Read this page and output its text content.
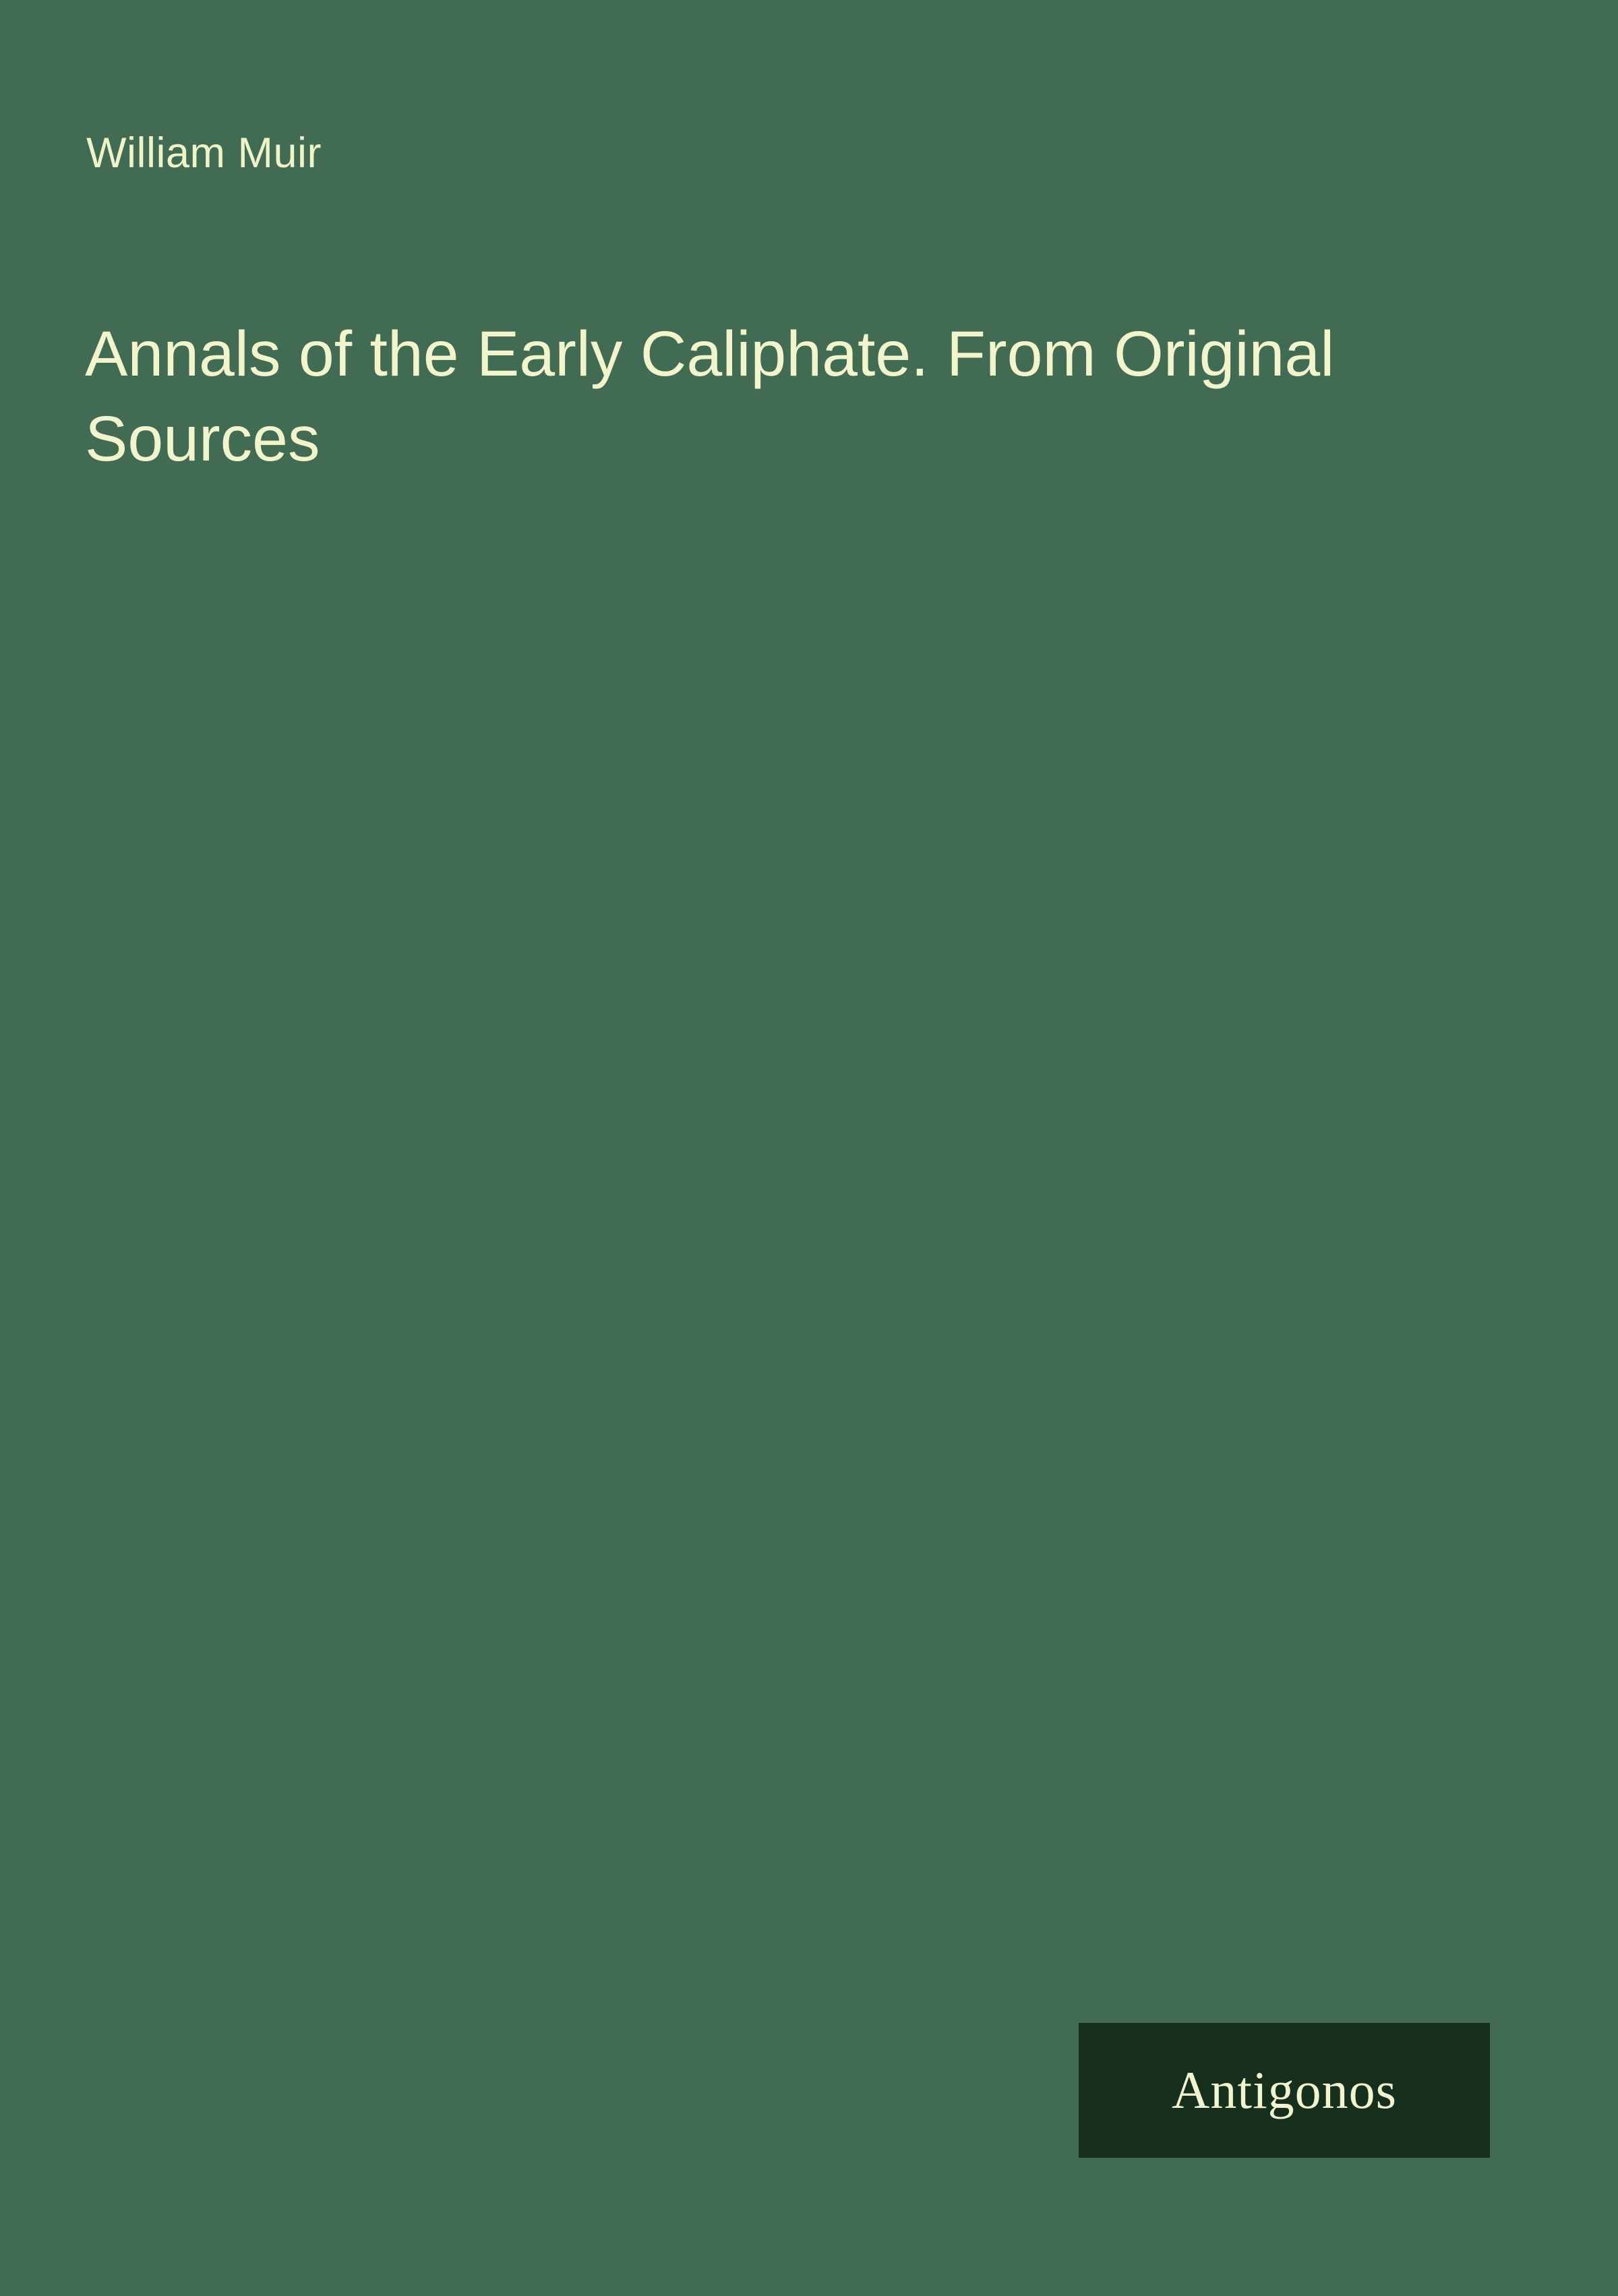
William Muir
Annals of the Early Caliphate. From Original Sources
Antigonos
